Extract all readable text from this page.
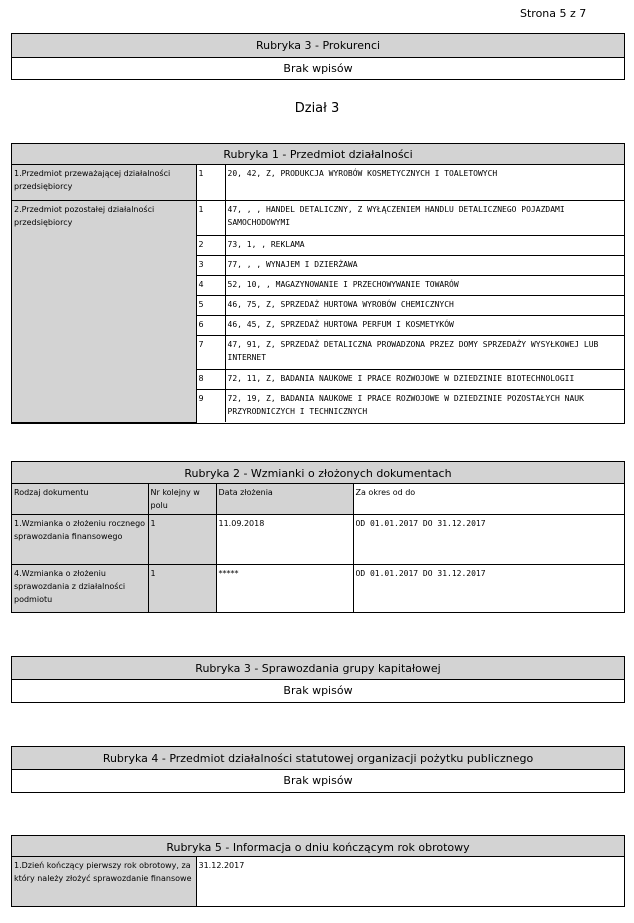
Strona 5 z 7
Rubryka 3 - Prokurenci
Brak wpisów
Dział 3
Rubryka 1 - Przedmiot działalności
1.Przedmiot przeważającej działalności przedsiębiorcy	1	20, 42, Z, PRODUKCJA WYROBÓW KOSMETYCZNYCH I TOALETOWYCH
2.Przedmiot pozostałej działalności przedsiębiorcy	1	47, , , HANDEL DETALICZNY, Z WYŁĄCZENIEM HANDLU DETALICZNEGO POJAZDAMI SAMOCHODOWYMI
	2	73, 1, , REKLAMA
	3	77, , , WYNAJEM I DZIERŻAWA
	4	52, 10, , MAGAZYNOWANIE I PRZECHOWYWANIE TOWARÓW
	5	46, 75, Z, SPRZEDAŻ HURTOWA WYROBÓW CHEMICZNYCH
	6	46, 45, Z, SPRZEDAŻ HURTOWA PERFUM I KOSMETYKÓW
	7	47, 91, Z, SPRZEDAŻ DETALICZNA PROWADZONA PRZEZ DOMY SPRZEDAŻY WYSYŁKOWEJ LUB INTERNET
	8	72, 11, Z, BADANIA NAUKOWE I PRACE ROZWOJOWE W DZIEDZINIE BIOTECHNOLOGII
	9	72, 19, Z, BADANIA NAUKOWE I PRACE ROZWOJOWE W DZIEDZINIE POZOSTAŁYCH NAUK PRZYRODNICZYCH I TECHNICZNYCH
Rubryka 2 - Wzmianki o złożonych dokumentach
Rodzaj dokumentu	Nr kolejny w polu	Data złożenia	Za okres od do
1.Wzmianka o złożeniu rocznego sprawozdania finansowego	1	11.09.2018	OD 01.01.2017 DO 31.12.2017
4.Wzmianka o złożeniu sprawozdania z działalności podmiotu	1	*****	OD 01.01.2017 DO 31.12.2017
Rubryka 3 - Sprawozdania grupy kapitałowej
Brak wpisów
Rubryka 4 - Przedmiot działalności statutowej organizacji pożytku publicznego
Brak wpisów
Rubryka 5 - Informacja o dniu kończącym rok obrotowy
1.Dzień kończący pierwszy rok obrotowy, za który należy złożyć sprawozdanie finansowe	31.12.2017
